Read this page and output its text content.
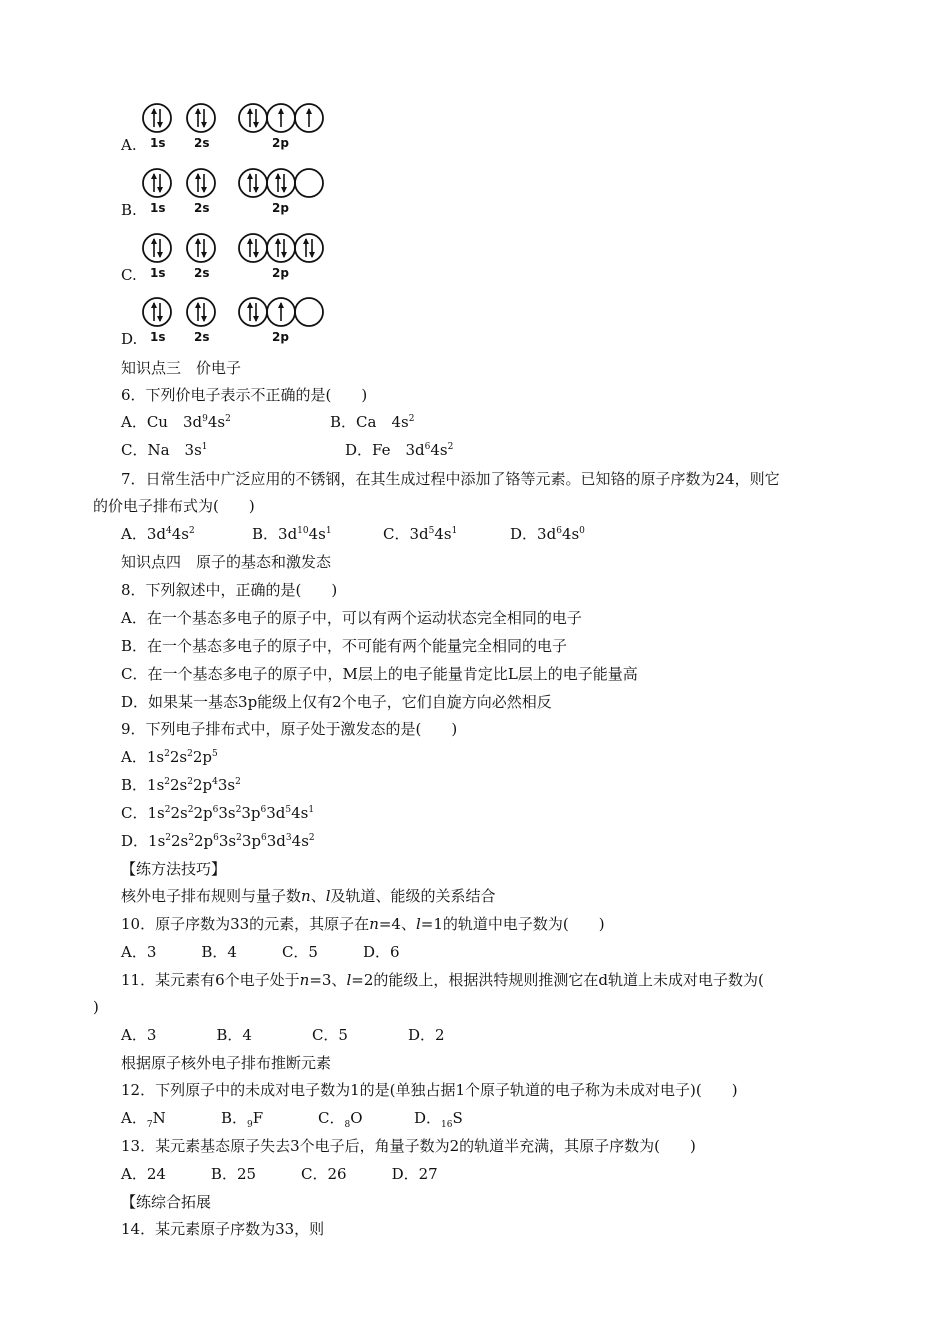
A. 1s 2s	2p
B. 1s 2s	2p
C. 1s 2s	2p
D. 1s 2s	2p
知识点三　价电子
6．下列价电子表示不正确的是(　　)
A．Cu　$3d^94s^2$	B．Ca　$4s^2$
C．Na　$3s^1$	D．Fe　$3d^64s^2$
7．日常生活中广泛应用的不锈钢，在其生成过程中添加了铬等元素。已知铬的原子序数为24，则它
的价电子排布式为(　　)
A．$3d^44s^2$	B．$3d^{10}4s^1$	C．$3d^54s^1$	D．$3d^64s^0$
知识点四　原子的基态和激发态
8．下列叙述中，正确的是(　　)
A．在一个基态多电子的原子中，可以有两个运动状态完全相同的电子
B．在一个基态多电子的原子中，不可能有两个能量完全相同的电子
C．在一个基态多电子的原子中，M层上的电子能量肯定比L层上的电子能量高
D．如果某一基态3p能级上仅有2个电子，它们自旋方向必然相反
9．下列电子排布式中，原子处于激发态的是(　　)
A．$1s^22s^22p^5$
B．$1s^22s^22p^43s^2$
C．$1s^22s^22p^63s^23p^63d^54s^1$
D．$1s^22s^22p^63s^23p^63d^34s^2$
【练方法技巧】
核外电子排布规则与量子数n、l及轨道、能级的关系结合
10．原子序数为33的元素，其原子在n=4、l=1的轨道中电子数为(　　)
A．3　　　B．4　　　C．5　　　D．6
11．某元素有6个电子处于n=3、l=2的能级上，根据洪特规则推测它在d轨道上未成对电子数为(
)
A．3　　　　B．4　　　　C．5　　　　D．2
根据原子核外电子排布推断元素
12．下列原子中的未成对电子数为1的是(单独占据1个原子轨道的电子称为未成对电子)(　　)
A．$_7$N	B．$_9$F	C．$_8$O	D．$_{16}$S
13．某元素基态原子失去3个电子后，角量子数为2的轨道半充满，其原子序数为(　　)
A．24　　　B．25　　　C．26　　　D．27
【练综合拓展
14．某元素原子序数为33，则
